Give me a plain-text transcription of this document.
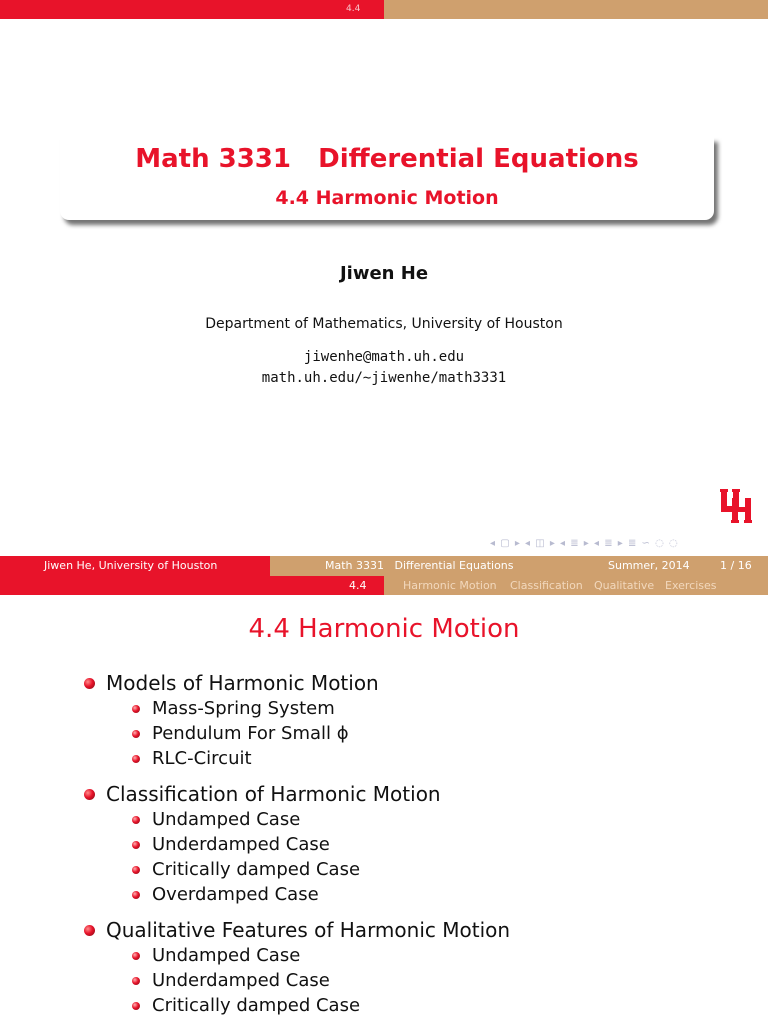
4.4
Math 3331   Differential Equations
4.4 Harmonic Motion
Jiwen He
Department of Mathematics, University of Houston
jiwenhe@math.uh.edu
math.uh.edu/∼jiwenhe/math3331
◂ ▢ ▸ ◂ ◫ ▸ ◂ ≣ ▸ ◂ ≣ ▸ ≣ ∽ ◌ ◌
Jiwen He, University of Houston	Math 3331   Differential Equations	Summer, 2014	1 / 16
4.4	Harmonic Motion Classification Qualitative Exercises
4.4 Harmonic Motion
Models of Harmonic Motion
Mass-Spring System
Pendulum For Small ϕ
RLC-Circuit
Classification of Harmonic Motion
Undamped Case
Underdamped Case
Critically damped Case
Overdamped Case
Qualitative Features of Harmonic Motion
Undamped Case
Underdamped Case
Critically damped Case
